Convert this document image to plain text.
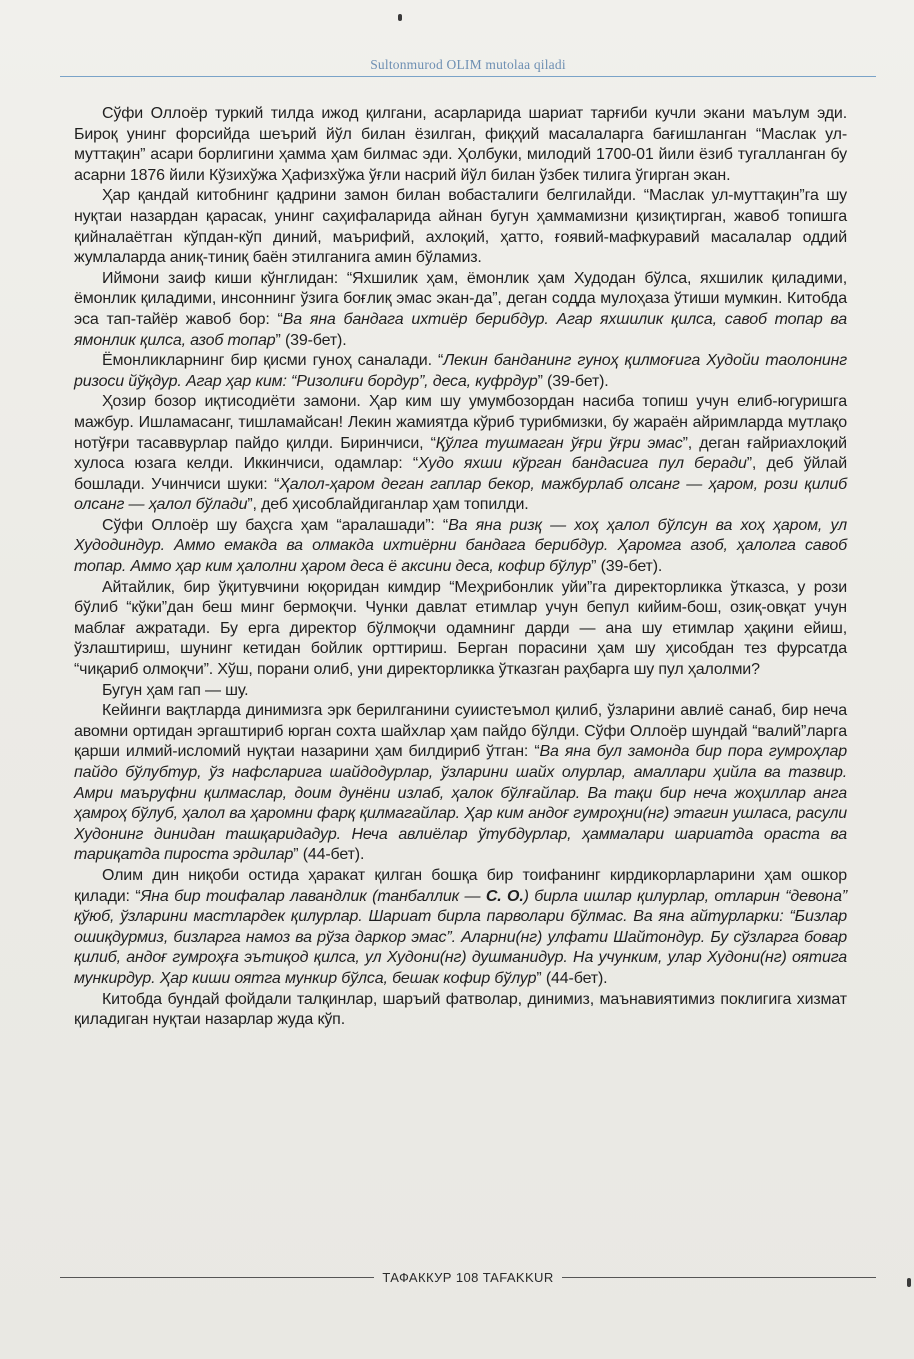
Sultonmurod OLIM mutolaa qiladi

Сўфи Оллоёр туркий тилда ижод қилгани, асарларида шариат тарғиби кучли экани маълум эди. Бироқ унинг форсийда шеърий йўл билан ёзилган, фиқҳий масалаларга бағишланган “Маслак ул-муттақин” асари борлигини ҳамма ҳам билмас эди. Ҳолбуки, милодий 1700-01 йили ёзиб тугалланган бу асарни 1876 йили Кўзихўжа Ҳафизхўжа ўғли насрий йўл билан ўзбек тилига ўгирган экан.

Ҳар қандай китобнинг қадрини замон билан вобасталиги белгилайди. “Маслак ул-муттақин”га шу нуқтаи назардан қарасак, унинг саҳифаларида айнан бугун ҳаммамизни қизиқтирган, жавоб топишга қийналаётган кўпдан-кўп диний, маърифий, ахлоқий, ҳатто, ғоявий-мафкуравий масалалар оддий жумлаларда аниқ-тиниқ баён этилганига амин бўламиз.

Иймони заиф киши кўнглидан: “Яхшилик ҳам, ёмонлик ҳам Худодан бўлса, яхшилик қиладими, ёмонлик қиладими, инсоннинг ўзига боғлиқ эмас экан-да”, деган содда мулоҳаза ўтиши мумкин. Китобда эса тап-тайёр жавоб бор: “Ва яна бандага ихтиёр берибдур. Агар яхшилик қилса, савоб топар ва ямонлик қилса, азоб топар” (39-бет).

Ёмонликларнинг бир қисми гуноҳ саналади. “Лекин банданинг гуноҳ қилмоғига Худойи таолонинг ризоси йўқдур. Агар ҳар ким: “Ризолиғи бордур”, деса, куфрдур” (39-бет).

Ҳозир бозор иқтисодиёти замони. Ҳар ким шу умумбозордан насиба топиш учун елиб-югуришга мажбур. Ишламасанг, тишламайсан! Лекин жамиятда кўриб турибмизки, бу жараён айримларда мутлақо нотўғри тасаввурлар пайдо қилди. Биринчиси, “Қўлга тушмаган ўғри ўғри эмас”, деган ғайриахлоқий хулоса юзага келди. Иккинчиси, одамлар: “Худо яхши кўрган бандасига пул беради”, деб ўйлай бошлади. Учинчиси шуки: “Ҳалол-ҳаром деган гаплар бекор, мажбурлаб олсанг — ҳаром, рози қилиб олсанг — ҳалол бўлади”, деб ҳисоблайдиганлар ҳам топилди.

Сўфи Оллоёр шу баҳсга ҳам “аралашади”: “Ва яна ризқ — хоҳ ҳалол бўлсун ва хоҳ ҳаром, ул Худодиндур. Аммо емакда ва олмакда ихтиёрни бандага берибдур. Ҳаромга азоб, ҳалолга савоб топар. Аммо ҳар ким ҳалолни ҳаром деса ё аксини деса, кофир бўлур” (39-бет).

Айтайлик, бир ўқитувчини юқоридан кимдир “Меҳрибонлик уйи”га директорликка ўтказса, у рози бўлиб “кўки”дан беш минг бермоқчи. Чунки давлат етимлар учун бепул кийим-бош, озиқ-овқат учун маблағ ажратади. Бу ерга директор бўлмоқчи одамнинг дарди — ана шу етимлар ҳақини ейиш, ўзлаштириш, шунинг кетидан бойлик орттириш. Берган порасини ҳам шу ҳисобдан тез фурсатда “чиқариб олмоқчи”. Хўш, порани олиб, уни директорликка ўтказган раҳбарга шу пул ҳалолми?

Бугун ҳам гап — шу.

Кейинги вақтларда динимизга эрк берилганини суиистеъмол қилиб, ўзларини авлиё санаб, бир неча авомни ортидан эргаштириб юрган сохта шайхлар ҳам пайдо бўлди. Сўфи Оллоёр шундай “валий”ларга қарши илмий-исломий нуқтаи назарини ҳам билдириб ўтган: “Ва яна бул замонда бир пора гумроҳлар пайдо бўлубтур, ўз нафсларига шайдодурлар, ўзларини шайх олурлар, амаллари ҳийла ва тазвир. Амри маъруфни қилмаслар, доим дунёни излаб, ҳалок бўлғайлар. Ва тақи бир неча жоҳиллар анга ҳамроҳ бўлуб, ҳалол ва ҳаромни фарқ қилмагайлар. Ҳар ким андоғ гумроҳни(нг) этагин ушласа, расули Худонинг динидан ташқаридадур. Неча авлиёлар ўтубдурлар, ҳаммалари шариатда ораста ва тариқатда пироста эрдилар” (44-бет).

Олим дин ниқоби остида ҳаракат қилган бошқа бир тоифанинг кирдикорларларини ҳам ошкор қилади: “Яна бир тоифалар лавандлик (танбаллик — С. О.) бирла ишлар қилурлар, отларин “девона” қўюб, ўзларини мастлардек қилурлар. Шариат бирла парволари бўлмас. Ва яна айтурларки: “Бизлар ошиқдурмиз, бизларга намоз ва рўза даркор эмас”. Аларни(нг) улфати Шайтондур. Бу сўзларга бовар қилиб, андоғ гумроҳға эътиқод қилса, ул Худони(нг) душманидур. На учунким, улар Худони(нг) оятига мункирдур. Ҳар киши оятга мункир бўлса, бешак кофир бўлур” (44-бет).

Китобда бундай фойдали талқинлар, шаръий фатволар, динимиз, маънавиятимиз поклигига хизмат қиладиган нуқтаи назарлар жуда кўп.

ТАФАККУР 108 TAFAKKUR
